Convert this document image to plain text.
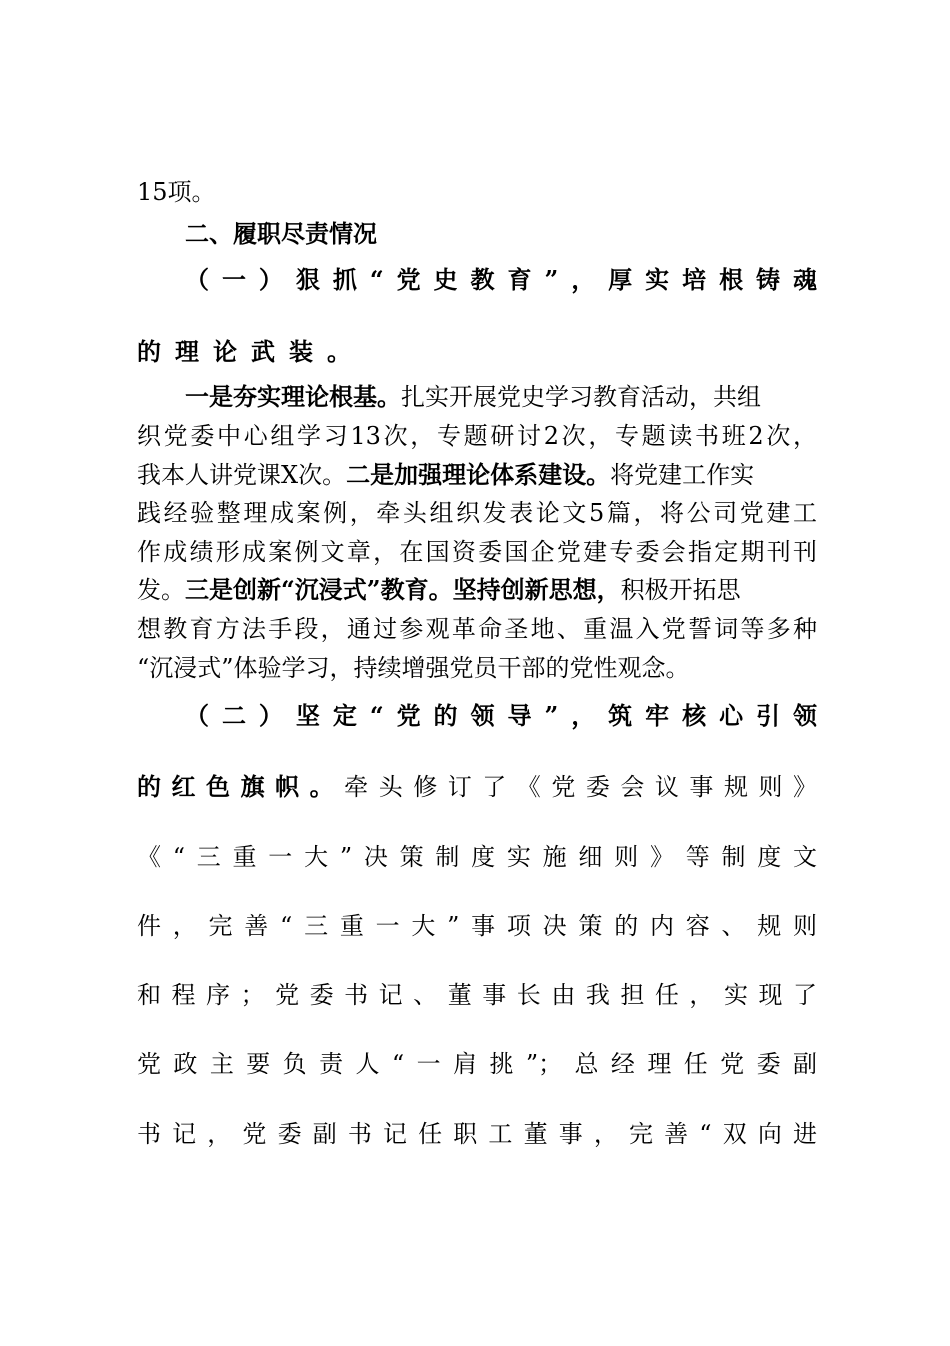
15项。
二、履职尽责情况
（一）狠抓“党史教育”，厚实培根铸魂
的理论武装。
一是夯实理论根基。扎实开展党史学习教育活动，共组
织党委中心组学习13次，专题研讨2次，专题读书班2次，
我本人讲党课X次。二是加强理论体系建设。将党建工作实
践经验整理成案例，牵头组织发表论文5篇，将公司党建工
作成绩形成案例文章，在国资委国企党建专委会指定期刊刊
发。三是创新“沉浸式”教育。坚持创新思想，积极开拓思
想教育方法手段，通过参观革命圣地、重温入党誓词等多种
“沉浸式”体验学习，持续增强党员干部的党性观念。
（二）坚定“党的领导”，筑牢核心引领
的红色旗帜。牵头修订了《党委会议事规则》
《“三重一大”决策制度实施细则》等制度文
件，完善“三重一大”事项决策的内容、规则
和程序；党委书记、董事长由我担任，实现了
党政主要负责人“一肩挑”；总经理任党委副
书记，党委副书记任职工董事，完善“双向进
